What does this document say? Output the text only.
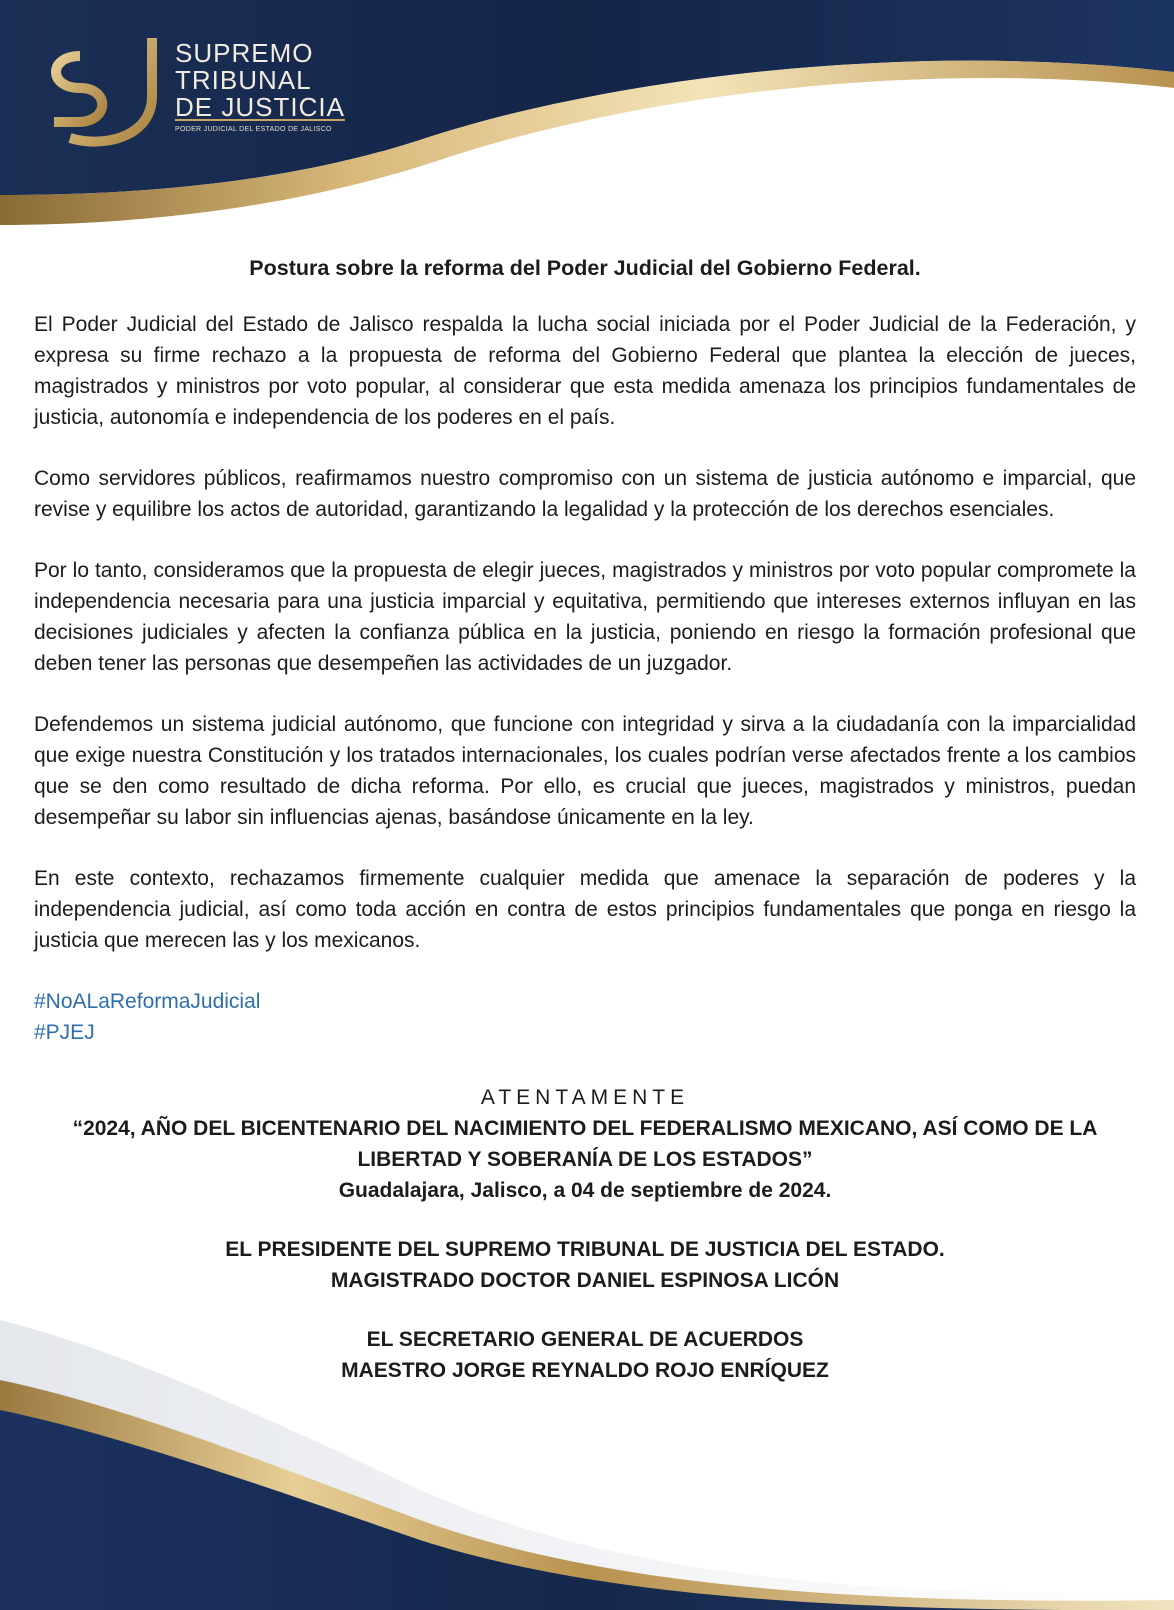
SUPREMO
TRIBUNAL
DE JUSTICIA
PODER JUDICIAL DEL ESTADO DE JALISCO
Postura sobre la reforma del Poder Judicial del Gobierno Federal.

El Poder Judicial del Estado de Jalisco respalda la lucha social iniciada por el Poder Judicial de la Federación, y expresa su firme rechazo a la propuesta de reforma del Gobierno Federal que plantea la elección de jueces, magistrados y ministros por voto popular, al considerar que esta medida amenaza los principios fundamentales de justicia, autonomía e independencia de los poderes en el país.

Como servidores públicos, reafirmamos nuestro compromiso con un sistema de justicia autónomo e imparcial, que revise y equilibre los actos de autoridad, garantizando la legalidad y la protección de los derechos esenciales.

Por lo tanto, consideramos que la propuesta de elegir jueces, magistrados y ministros por voto popular compromete la independencia necesaria para una justicia imparcial y equitativa, permitiendo que intereses externos influyan en las decisiones judiciales y afecten la confianza pública en la justicia, poniendo en riesgo la formación profesional que deben tener las personas que desempeñen las actividades de un juzgador.

Defendemos un sistema judicial autónomo, que funcione con integridad y sirva a la ciudadanía con la imparcialidad que exige nuestra Constitución y los tratados internacionales, los cuales podrían verse afectados frente a los cambios que se den como resultado de dicha reforma. Por ello, es crucial que jueces, magistrados y ministros, puedan desempeñar su labor sin influencias ajenas, basándose únicamente en la ley.

En este contexto, rechazamos firmemente cualquier medida que amenace la separación de poderes y la independencia judicial, así como toda acción en contra de estos principios fundamentales que ponga en riesgo la justicia que merecen las y los mexicanos.

#NoALaReformaJudicial
#PJEJ
ATENTAMENTE
“2024, AÑO DEL BICENTENARIO DEL NACIMIENTO DEL FEDERALISMO MEXICANO, ASÍ COMO DE LA
LIBERTAD Y SOBERANÍA DE LOS ESTADOS”
Guadalajara, Jalisco, a 04 de septiembre de 2024.
EL PRESIDENTE DEL SUPREMO TRIBUNAL DE JUSTICIA DEL ESTADO.
MAGISTRADO DOCTOR DANIEL ESPINOSA LICÓN
EL SECRETARIO GENERAL DE ACUERDOS
MAESTRO JORGE REYNALDO ROJO ENRÍQUEZ
